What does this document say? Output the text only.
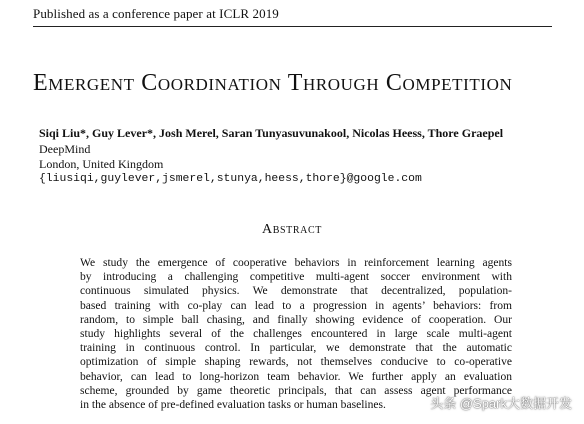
Published as a conference paper at ICLR 2019
Emergent Coordination Through Competition
Siqi Liu*, Guy Lever*, Josh Merel, Saran Tunyasuvunakool, Nicolas Heess, Thore Graepel
DeepMind
London, United Kingdom
{liusiqi,guylever,jsmerel,stunya,heess,thore}@google.com
Abstract
We study the emergence of cooperative behaviors in reinforcement learning agents
by introducing a challenging competitive multi-agent soccer environment with
continuous simulated physics. We demonstrate that decentralized, population-
based training with co-play can lead to a progression in agents’ behaviors: from
random, to simple ball chasing, and finally showing evidence of cooperation. Our
study highlights several of the challenges encountered in large scale multi-agent
training in continuous control. In particular, we demonstrate that the automatic
optimization of simple shaping rewards, not themselves conducive to co-operative
behavior, can lead to long-horizon team behavior. We further apply an evaluation
scheme, grounded by game theoretic principals, that can assess agent performance
in the absence of pre-defined evaluation tasks or human baselines.	头条 @Spark大数据开发
